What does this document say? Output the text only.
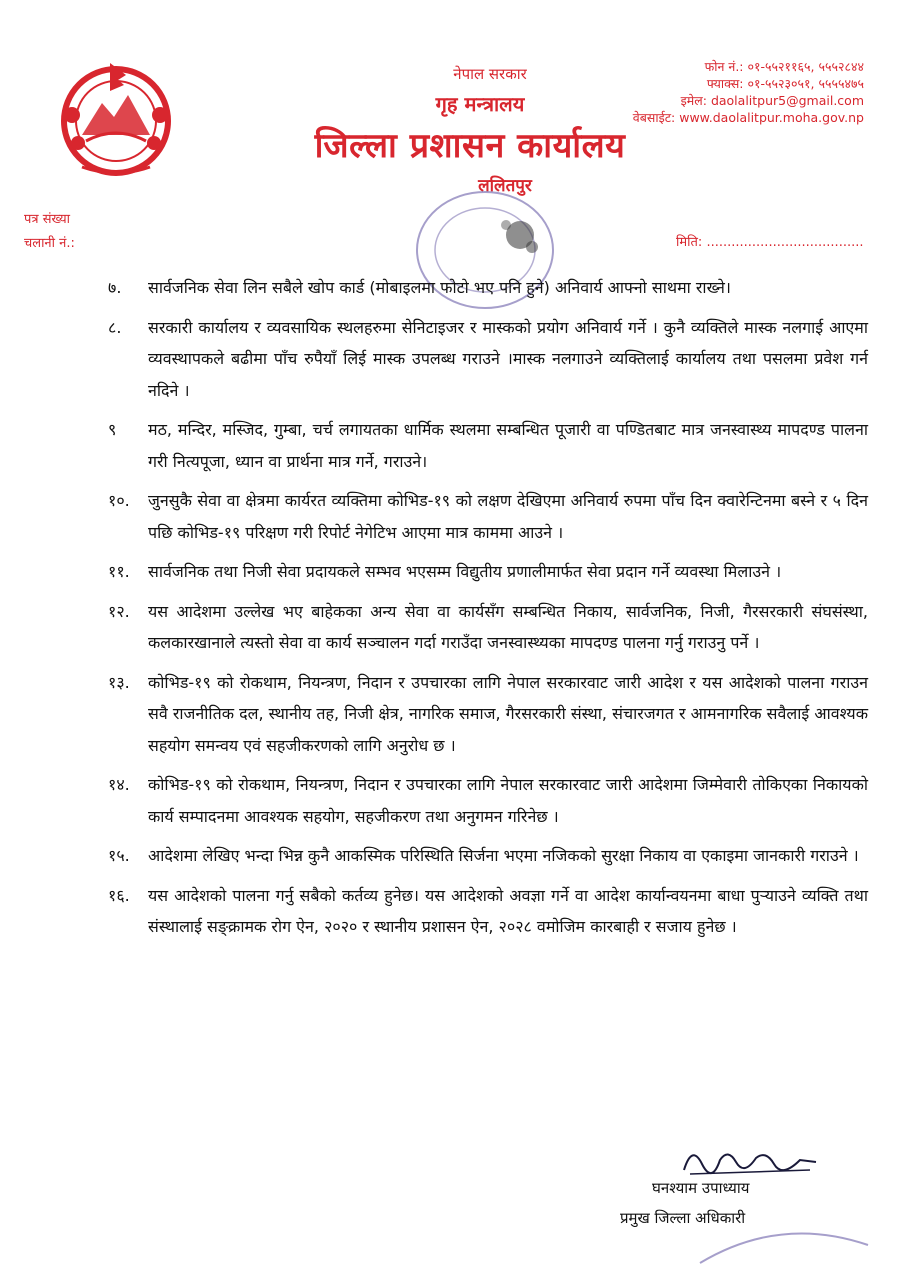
नेपाल सरकार
गृह मन्त्रालय
जिल्ला प्रशासन कार्यालय
ललितपुर
फोन नं.: ०१-५५२११६५, ५५५२८४४
फ्याक्स: ०१-५५२३०५१, ५५५५४७५
इमेल: daolalitpur5@gmail.com
वेबसाईट: www.daolalitpur.moha.gov.np
पत्र संख्या
चलानी नं.:	मिति: ......................................
७.	सार्वजनिक सेवा लिन सबैले खोप कार्ड (मोबाइलमा फोटो भए पनि हुने) अनिवार्य आफ्नो साथमा राख्ने।
८.	सरकारी कार्यालय र व्यवसायिक स्थलहरुमा सेनिटाइजर र मास्कको प्रयोग अनिवार्य गर्ने । कुनै व्यक्तिले मास्क नलगाई आएमा व्यवस्थापकले बढीमा पाँच रुपैयाँ लिई मास्क उपलब्ध गराउने ।मास्क नलगाउने व्यक्तिलाई कार्यालय तथा पसलमा प्रवेश गर्न नदिने ।
९	मठ, मन्दिर, मस्जिद, गुम्बा, चर्च लगायतका धार्मिक स्थलमा सम्बन्धित पूजारी वा पण्डितबाट मात्र जनस्वास्थ्य मापदण्ड पालना गरी नित्यपूजा, ध्यान वा प्रार्थना मात्र गर्ने, गराउने।
१०.	जुनसुकै सेवा वा क्षेत्रमा कार्यरत व्यक्तिमा कोभिड-१९ को लक्षण देखिएमा अनिवार्य रुपमा पाँच दिन क्वारेन्टिनमा बस्ने र ५ दिन पछि कोभिड-१९ परिक्षण गरी रिपोर्ट नेगेटिभ आएमा मात्र काममा आउने ।
११.	सार्वजनिक तथा निजी सेवा प्रदायकले सम्भव भएसम्म विद्युतीय प्रणालीमार्फत सेवा प्रदान गर्ने व्यवस्था मिलाउने ।
१२.	यस आदेशमा उल्लेख भए बाहेकका अन्य सेवा वा कार्यसँग सम्बन्धित निकाय, सार्वजनिक, निजी, गैरसरकारी संघसंस्था, कलकारखानाले त्यस्तो सेवा वा कार्य सञ्चालन गर्दा गराउँदा जनस्वास्थ्यका मापदण्ड पालना गर्नु गराउनु पर्ने ।
१३.	कोभिड-१९ को रोकथाम, नियन्त्रण, निदान र उपचारका लागि नेपाल सरकारवाट जारी आदेश र यस आदेशको पालना गराउन सवै राजनीतिक दल, स्थानीय तह, निजी क्षेत्र, नागरिक समाज, गैरसरकारी संस्था, संचारजगत र आमनागरिक सवैलाई आवश्यक सहयोग समन्वय एवं सहजीकरणको लागि अनुरोध छ ।
१४.	कोभिड-१९ को रोकथाम, नियन्त्रण, निदान र उपचारका लागि नेपाल सरकारवाट जारी आदेशमा जिम्मेवारी तोकिएका निकायको कार्य सम्पादनमा आवश्यक सहयोग, सहजीकरण तथा अनुगमन गरिनेछ ।
१५.	आदेशमा लेखिए भन्दा भिन्न कुनै आकस्मिक परिस्थिति सिर्जना भएमा नजिकको सुरक्षा निकाय वा एकाइमा जानकारी गराउने ।
१६.	यस आदेशको पालना गर्नु सबैको कर्तव्य हुनेछ। यस आदेशको अवज्ञा गर्ने वा आदेश कार्यान्वयनमा बाधा पुर्‍याउने व्यक्ति तथा संस्थालाई सङ्क्रामक रोग ऐन, २०२० र स्थानीय प्रशासन ऐन, २०२८ वमोजिम कारबाही र सजाय हुनेछ ।
घनश्याम उपाध्याय
प्रमुख जिल्ला अधिकारी
